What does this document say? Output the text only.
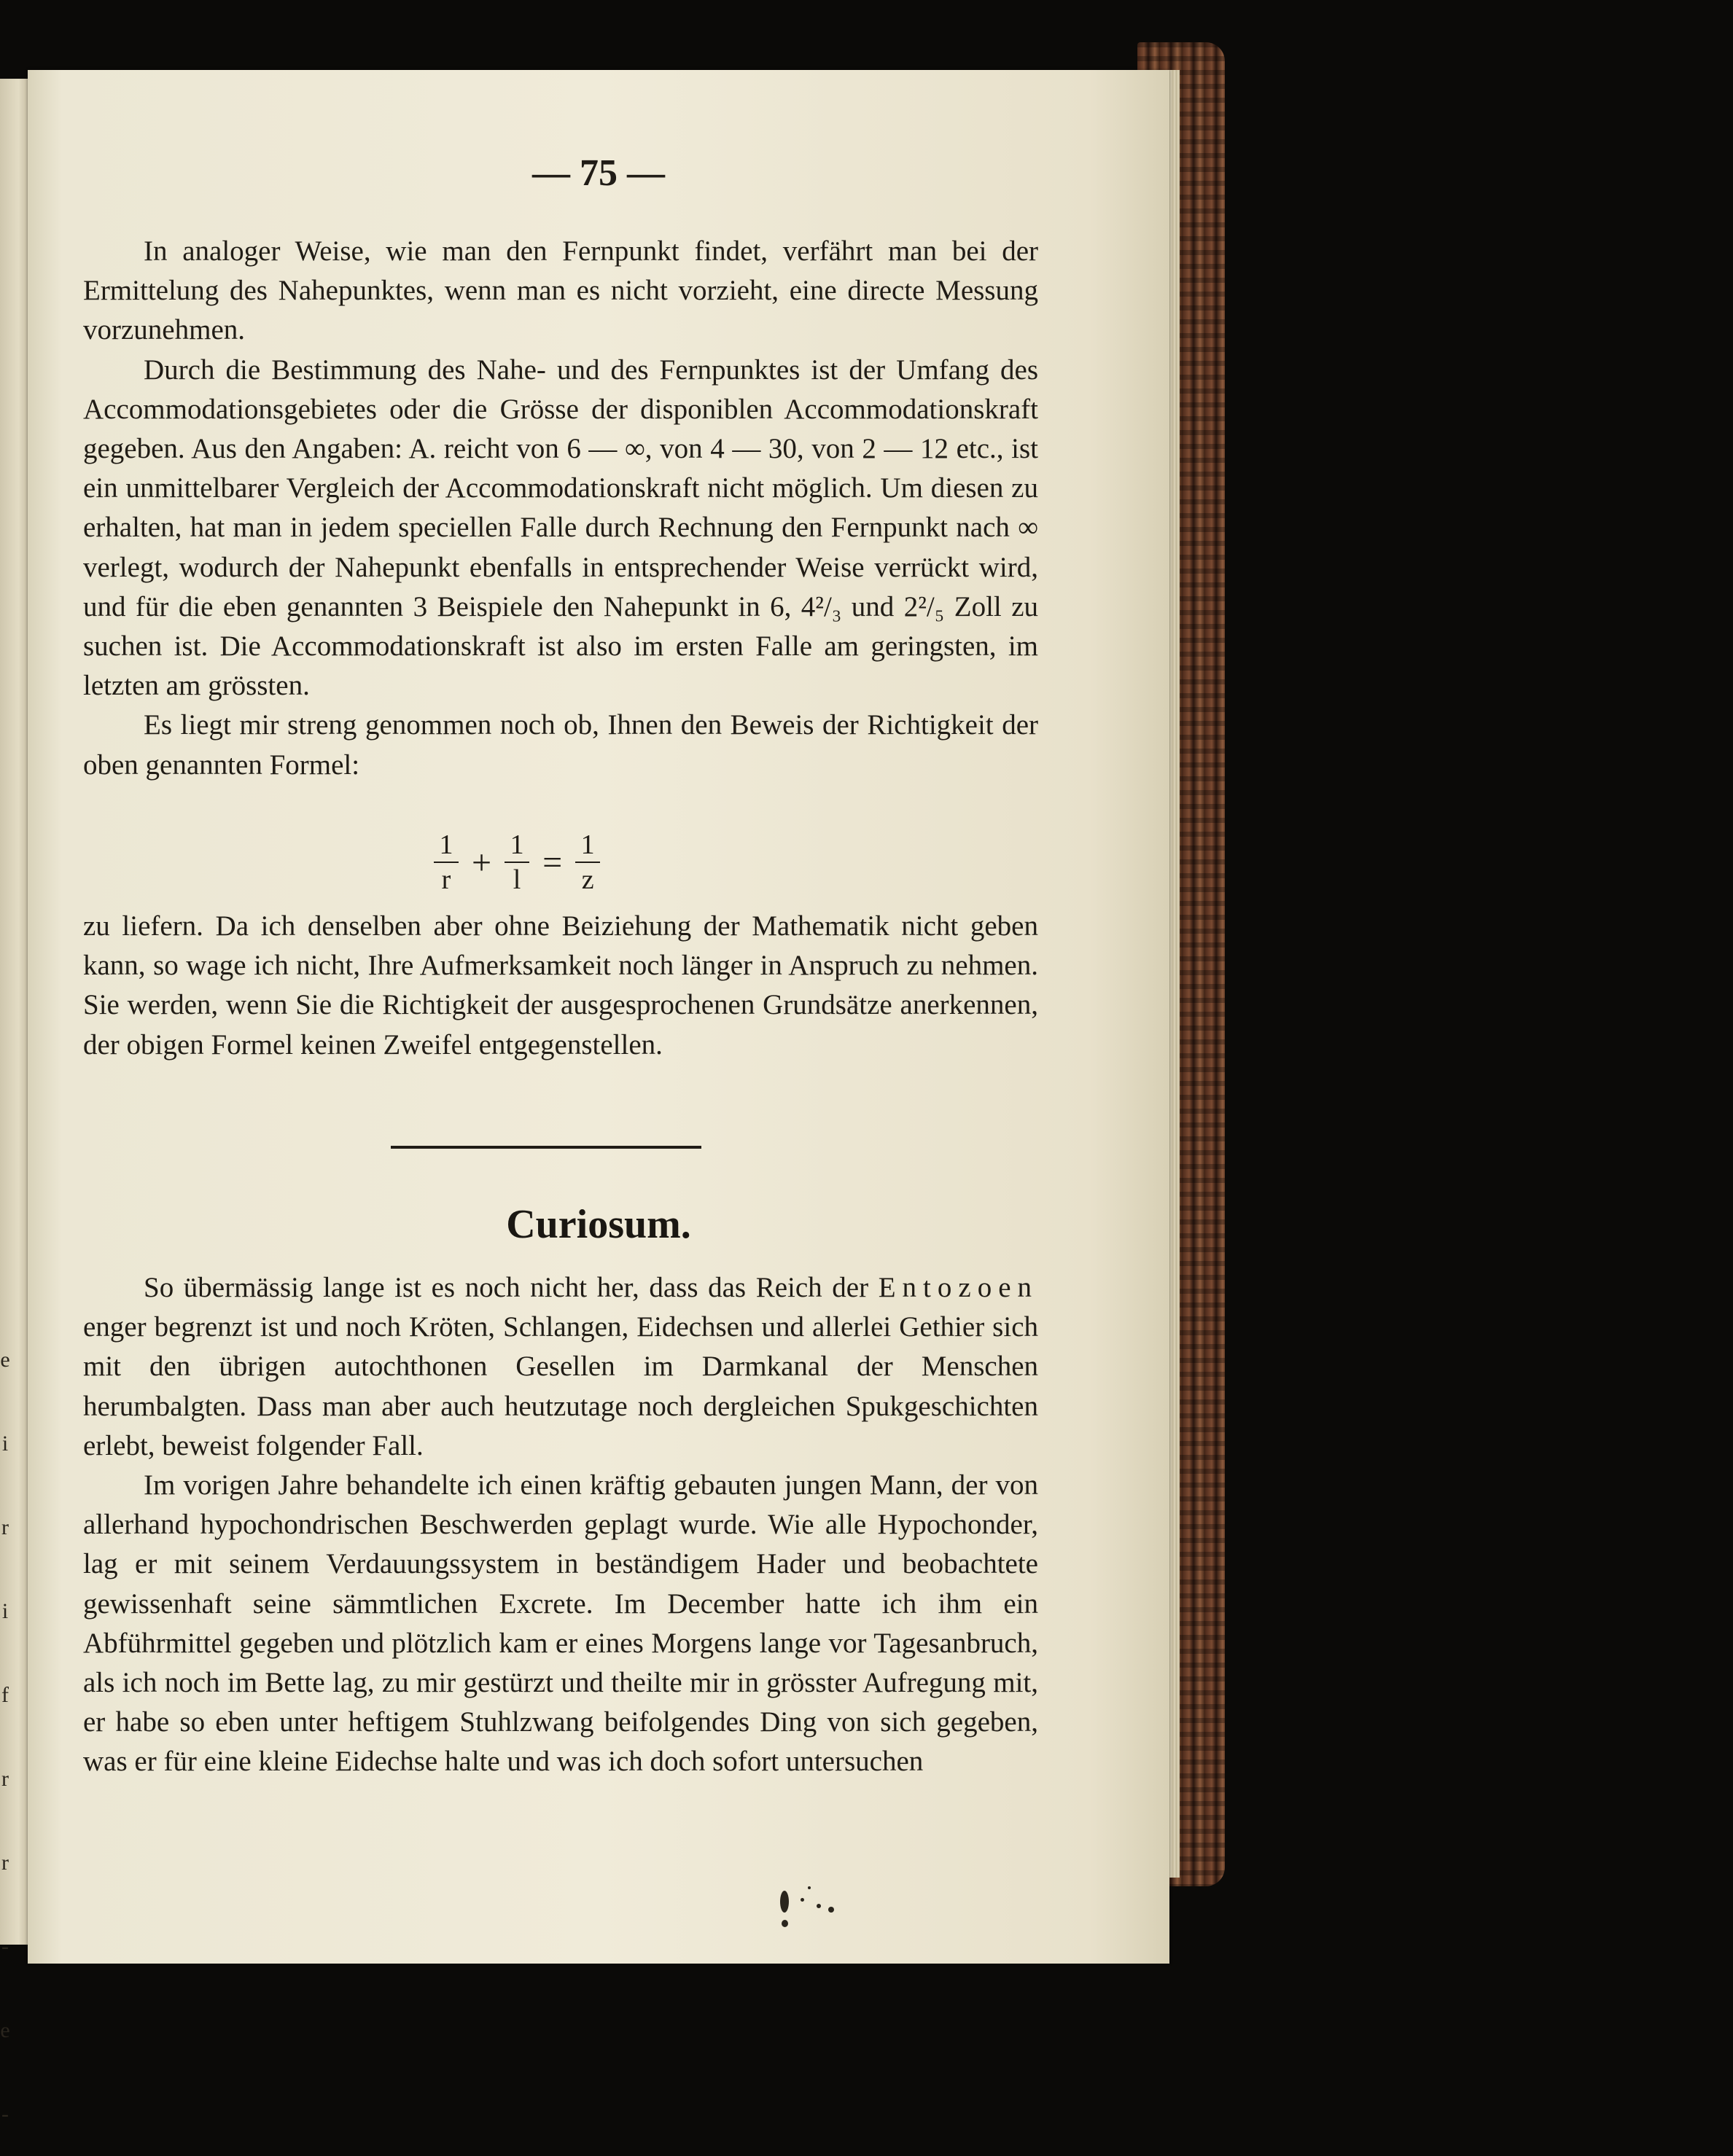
e
i
r
i
f
r
r
-
e
-
— 75 —

In analoger Weise, wie man den Fernpunkt findet, verfährt man bei der Ermittelung des Nahepunktes, wenn man es nicht vorzieht, eine directe Messung vorzunehmen.

Durch die Bestimmung des Nahe- und des Fernpunktes ist der Umfang des Accommodationsgebietes oder die Grösse der disponiblen Accommodationskraft gegeben. Aus den Angaben: A. reicht von 6 — ∞, von 4 — 30, von 2 — 12 etc., ist ein unmittelbarer Vergleich der Accommodationskraft nicht möglich. Um diesen zu erhalten, hat man in jedem speciellen Falle durch Rechnung den Fernpunkt nach ∞ verlegt, wodurch der Nahepunkt ebenfalls in entsprechender Weise verrückt wird, und für die eben genannten 3 Beispiele den Nahepunkt in 6, 4²/₃ und 2²/₅ Zoll zu suchen ist. Die Accommodationskraft ist also im ersten Falle am geringsten, im letzten am grössten.

Es liegt mir streng genommen noch ob, Ihnen den Beweis der Richtigkeit der oben genannten Formel:

$\frac{1}{r} + \frac{1}{l} = \frac{1}{z}$

zu liefern. Da ich denselben aber ohne Beiziehung der Mathematik nicht geben kann, so wage ich nicht, Ihre Aufmerksamkeit noch länger in Anspruch zu nehmen. Sie werden, wenn Sie die Richtigkeit der ausgesprochenen Grundsätze anerkennen, der obigen Formel keinen Zweifel entgegenstellen.

Curiosum.

So übermässig lange ist es noch nicht her, dass das Reich der Entozoen enger begrenzt ist und noch Kröten, Schlangen, Eidechsen und allerlei Gethier sich mit den übrigen autochthonen Gesellen im Darmkanal der Menschen herumbalgten. Dass man aber auch heutzutage noch dergleichen Spukgeschichten erlebt, beweist folgender Fall.

Im vorigen Jahre behandelte ich einen kräftig gebauten jungen Mann, der von allerhand hypochondrischen Beschwerden geplagt wurde. Wie alle Hypochonder, lag er mit seinem Verdauungssystem in beständigem Hader und beobachtete gewissenhaft seine sämmtlichen Excrete. Im December hatte ich ihm ein Abführmittel gegeben und plötzlich kam er eines Morgens lange vor Tagesanbruch, als ich noch im Bette lag, zu mir gestürzt und theilte mir in grösster Aufregung mit, er habe so eben unter heftigem Stuhlzwang beifolgendes Ding von sich gegeben, was er für eine kleine Eidechse halte und was ich doch sofort untersuchen
